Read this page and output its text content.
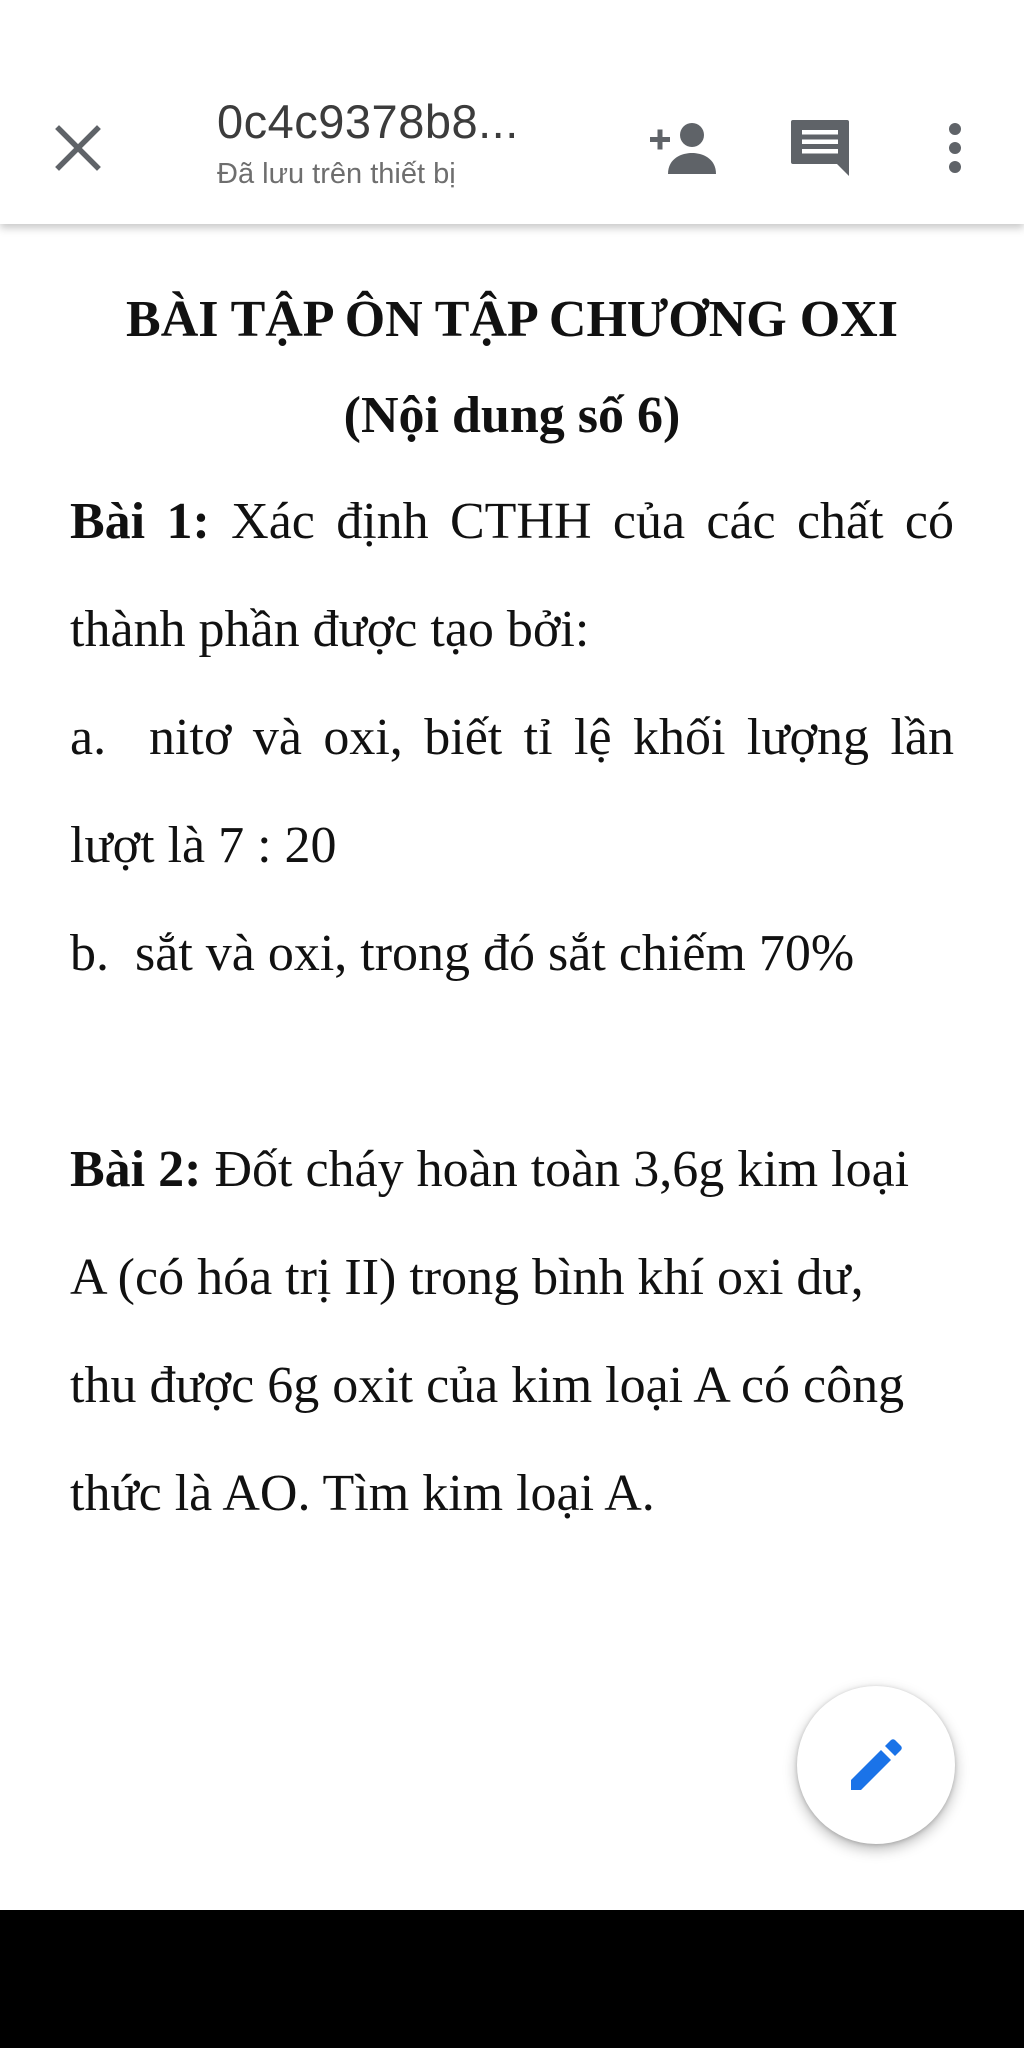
0c4c9378b8...
Đã lưu trên thiết bị
BÀI TẬP ÔN TẬP CHƯƠNG OXI
(Nội dung số 6)
Bài 1: Xác định CTHH của các chất có thành phần được tạo bởi:
a.  nitơ và oxi, biết tỉ lệ khối lượng lần lượt là 7 : 20
b.  sắt và oxi, trong đó sắt chiếm 70%
Bài 2: Đốt cháy hoàn toàn 3,6g kim loại A (có hóa trị II) trong bình khí oxi dư, thu được 6g oxit của kim loại A có công thức là AO. Tìm kim loại A.
